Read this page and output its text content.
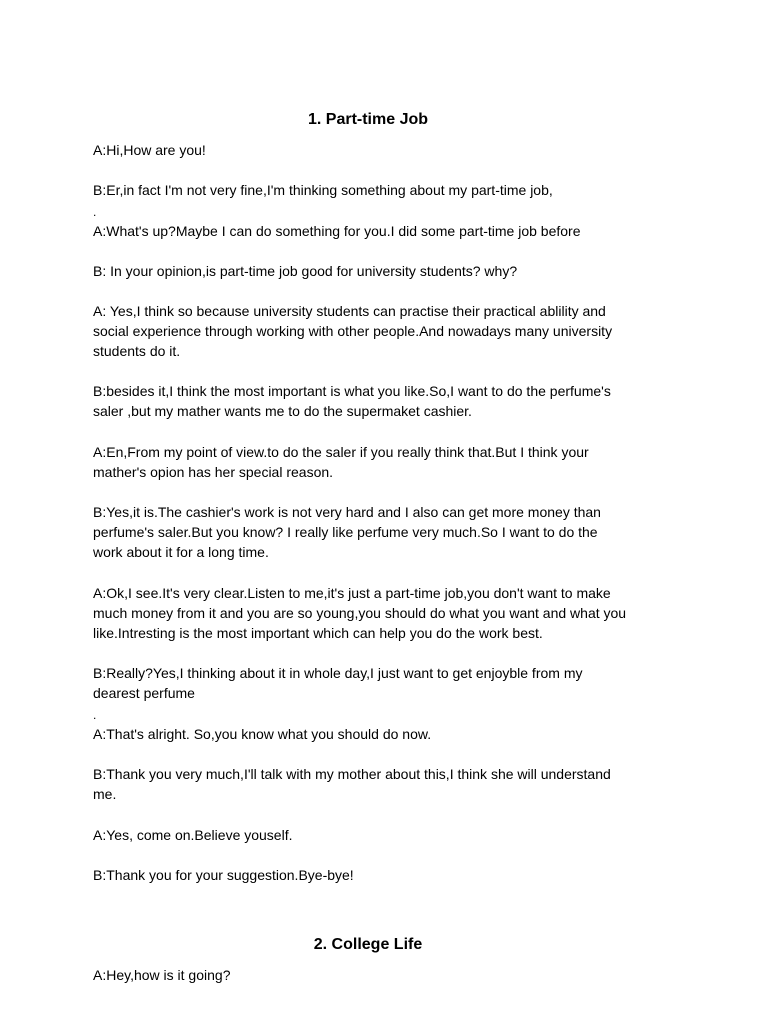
1. Part-time Job

A:Hi,How are you!

B:Er,in fact I'm not very fine,I'm thinking something about my part-time job,

.

A:What's up?Maybe I can do something for you.I did some part-time job before

B: In your opinion,is part-time job good for university students? why?

A: Yes,I think so because university students can practise their practical ablility and
social experience through working with other people.And nowadays many university
students do it.

B:besides it,I think the most important is what you like.So,I want to do the perfume's
saler ,but my mather wants me to do the supermaket cashier.

A:En,From my point of view.to do the saler if you really think that.But I think your
mather's opion has her special reason.

B:Yes,it is.The cashier's work is not very hard and I also can get more money than
perfume's saler.But you know? I really like perfume very much.So I want to do the
work about it for a long time.

A:Ok,I see.It's very clear.Listen to me,it's just a part-time job,you don't want to make
much money from it and you are so young,you should do what you want and what you
like.Intresting is the most important which can help you do the work best.

B:Really?Yes,I thinking about it in whole day,I just want to get enjoyble from my
dearest perfume

.

A:That's alright. So,you know what you should do now.

B:Thank you very much,I'll talk with my mother about this,I think she will understand
me.

A:Yes, come on.Believe youself.

B:Thank you for your suggestion.Bye-bye!

2. College Life

A:Hey,how is it going?
